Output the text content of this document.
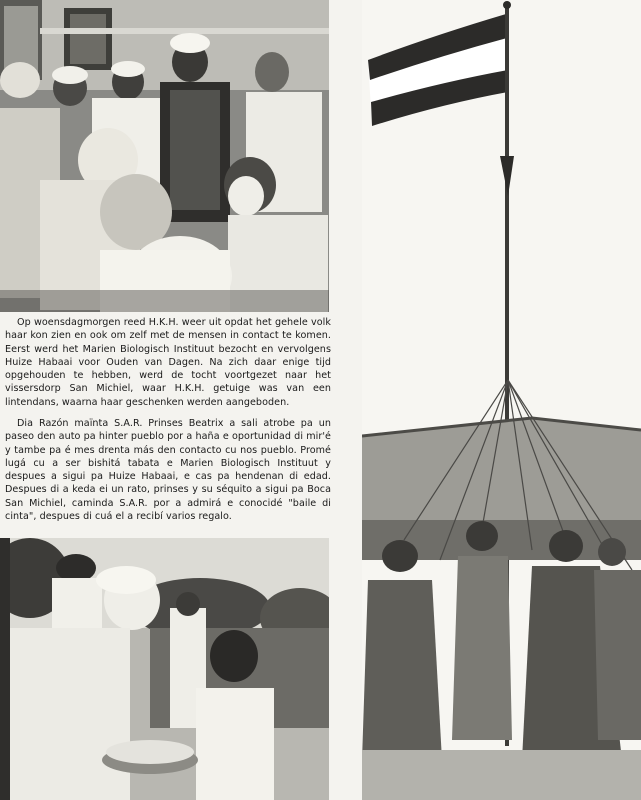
Op woensdagmorgen reed H.K.H. weer uit opdat het gehele volk haar kon zien en ook om zelf met de mensen in contact te komen. Eerst werd het Marien Biologisch Instituut bezocht en vervolgens Huize Habaai voor Ouden van Dagen. Na zich daar enige tijd opgehouden te hebben, werd de tocht voortgezet naar het vissersdorp San Michiel, waar H.K.H. getuige was van een lintendans, waarna haar geschenken werden aangeboden.

Dia Razón maïnta S.A.R. Prinses Beatrix a sali atrobe pa un paseo den auto pa hinter pueblo por a haña e oportunidad di mir'é y tambe pa é mes drenta más den contacto cu nos pueblo. Promé lugá cu a ser bishitá tabata e Marien Biologisch Instituut y despues a sigui pa Huize Habaai, e cas pa hendenan di edad. Despues di a keda ei un rato, prinses y su séquito a sigui pa Boca San Michiel, caminda S.A.R. por a admirá e conocidé "baile di cinta", despues di cuá el a recibí varios regalo.
